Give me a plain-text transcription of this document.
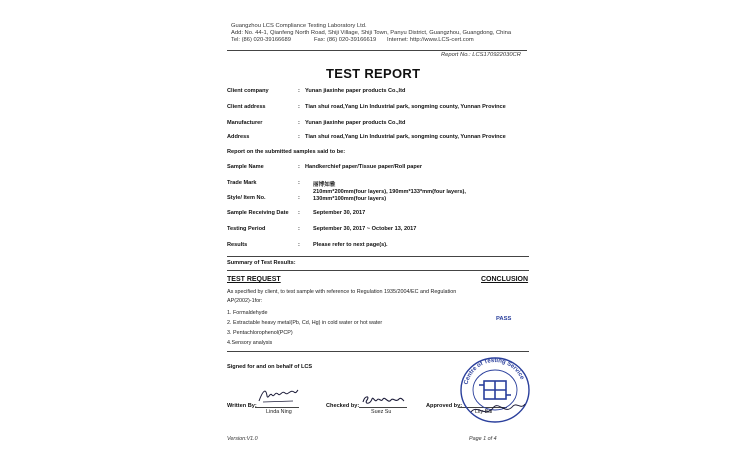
Guangzhou LCS Compliance Testing Laboratory Ltd.
Add: No. 44-1, Qianfeng North Road, Shiji Village, Shiji Town, Panyu District, Guangzhou, Guangdong, China
Tel: (86) 020-39166689	Fax: (86) 020-39166619 Internet: http://www.LCS-cert.com
Report No.: LCS170922030CR
TEST REPORT
Client company	: Yunan jiaxinhe paper products Co.,ltd
Client address	: Tian shui road,Yang Lin Industrial park, songming county, Yunnan Province
Manufacturer	: Yunan jiaxinhe paper products Co.,ltd
Address	: Tian shui road,Yang Lin Industrial park, songming county, Yunnan Province
Report on the submitted samples said to be:
Sample Name	: Handkerchief paper/Tissue paper/Roll paper
Trade Mark	: 丽博如雅
Style/ Item No.	:
210mm*200mm(four layers), 190mm*133*mm(four layers),
130mm*100mm(four layers)
Sample Receiving Date : September 30, 2017
Testing Period	: September 30, 2017 ~ October 13, 2017
Results	: Please refer to next page(s).
Summary of Test Results:
TEST REQUEST	CONCLUSION
As specified by client, to test sample with reference to Regulation 1935/2004/EC and Regulation
AP(2002)-1for:
1. Formaldehyde
2. Extractable heavy metal(Pb, Cd, Hg) in cold water or hot water
3. Pentachlorophenol(PCP)
4.Sensory analysis
PASS
Signed for and on behalf of LCS
Written By:
Linda Ning
Checked by:
Suez Su
Approved by:
Lily Bai
Centre of Testing Service
Version:V1.0	Page 1 of 4
